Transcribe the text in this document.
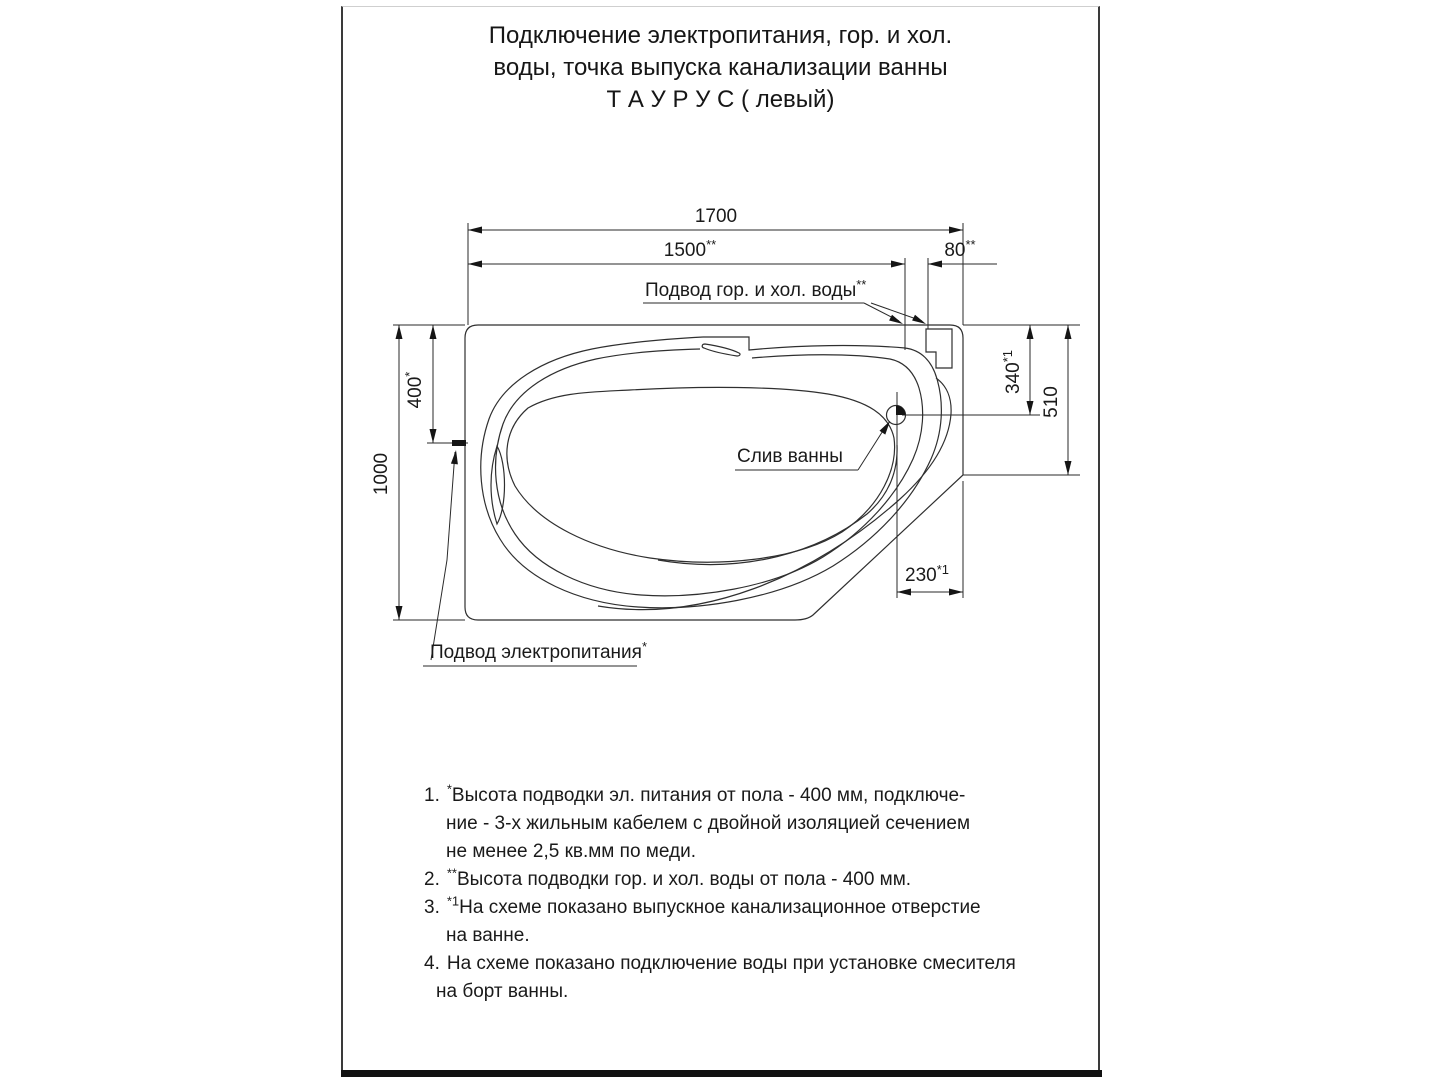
Подключение электропитания, гор. и хол.
воды, точка выпуска канализации ванны
Т А У Р У С ( левый)
1700
1500**	80**
400*
1000
340$^{*1}$
510
230$^{*1}$
Подвод гор. и хол. воды**
Слив ванны
Подвод электропитания*
1. *Высота подводки эл. питания от пола - 400 мм, подключе-
ние - 3-х жильным кабелем с двойной изоляцией сечением
не менее 2,5 кв.мм по меди.
2. **Высота подводки гор. и хол. воды от пола - 400 мм.
3. $^{*1}$На схеме показано выпускное канализационное отверстие
на ванне.
4. На схеме показано подключение воды при установке смесителя
на борт ванны.
